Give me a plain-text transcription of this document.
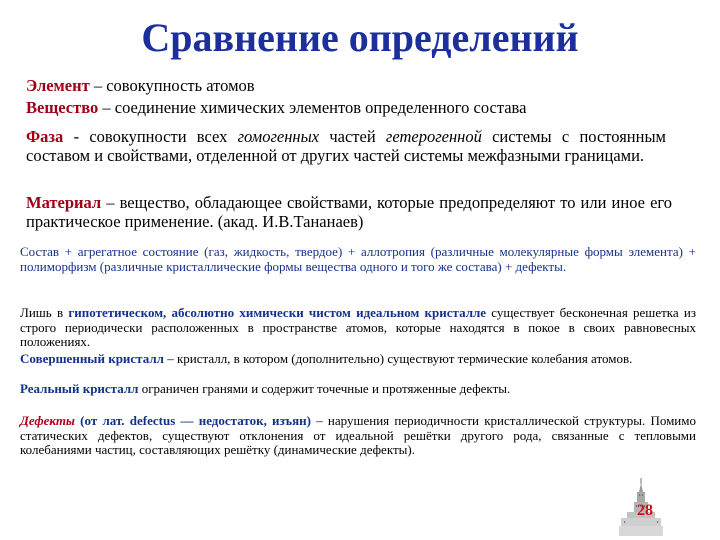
Сравнение определений
Элемент – совокупность атомов
Вещество – соединение химических элементов определенного состава
Фаза - совокупности всех гомогенных частей гетерогенной системы с постоянным составом и свойствами, отделенной от других частей системы межфазными границами.
Материал – вещество, обладающее свойствами, которые предопределяют то или иное его практическое применение. (акад. И.В.Тананаев)
Состав + агрегатное состояние (газ, жидкость, твердое) + аллотропия (различные молекулярные формы элемента) + полиморфизм (различные кристаллические формы вещества одного и того же состава) + дефекты.
Лишь в гипотетическом, абсолютно химически чистом идеальном кристалле существует бесконечная решетка из строго периодически расположенных в пространстве атомов, которые находятся в покое в своих равновесных положениях.
Совершенный кристалл – кристалл, в котором (дополнительно) существуют термические колебания атомов.
Реальный кристалл ограничен гранями и содержит точечные и протяженные дефекты.
Дефекты (от лат. defectus — недостаток, изъян) – нарушения периодичности кристаллической структуры. Помимо статических дефектов, существуют отклонения от идеальной решётки другого рода, связанные с тепловыми колебаниями частиц, составляющих решётку (динамические дефекты).
28
